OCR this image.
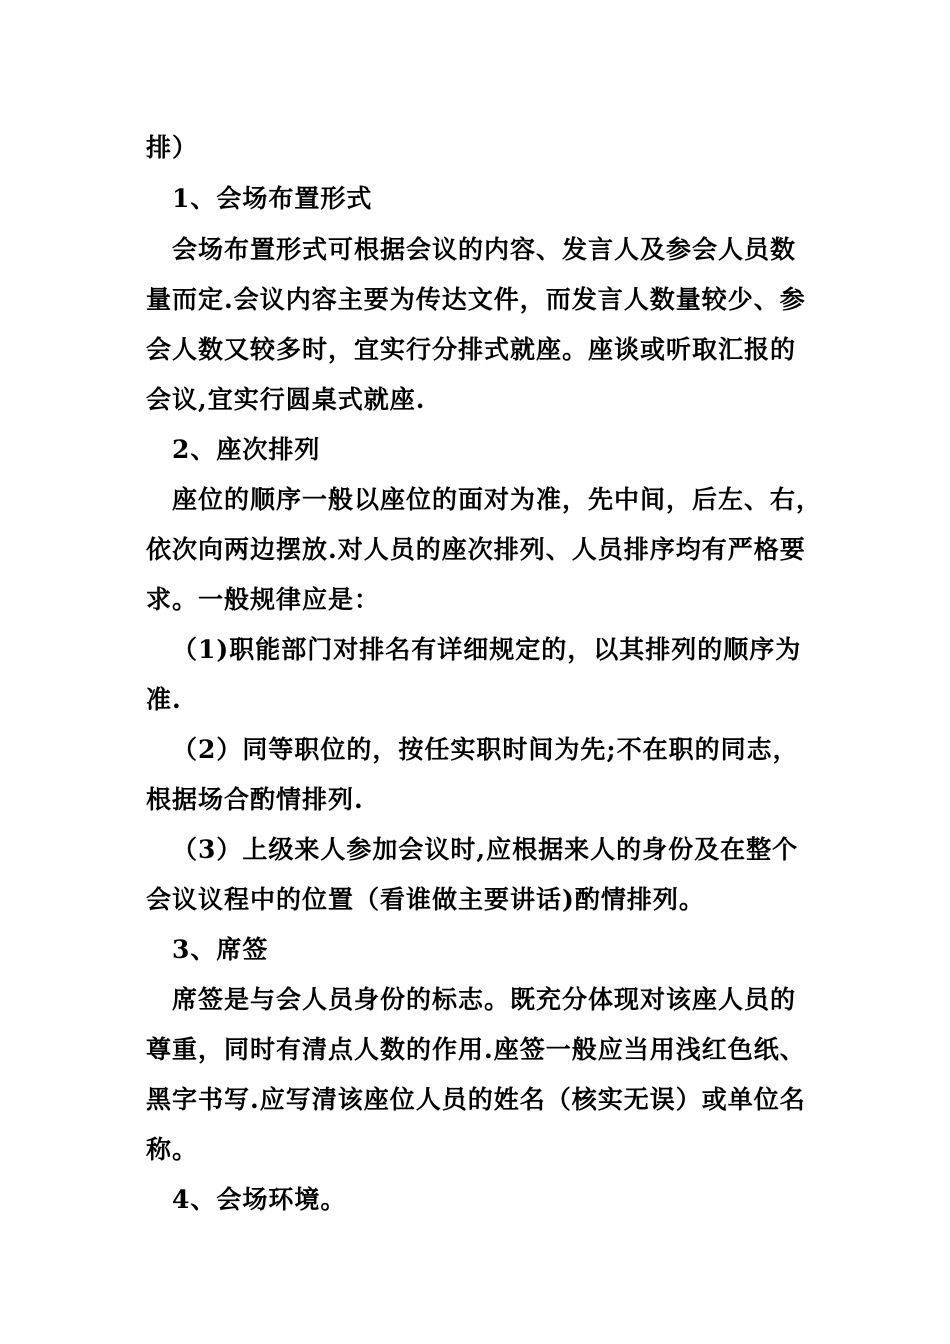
排）

1、会场布置形式

会场布置形式可根据会议的内容、发言人及参会人员数

量而定.会议内容主要为传达文件，而发言人数量较少、参

会人数又较多时，宜实行分排式就座。座谈或听取汇报的

会议,宜实行圆桌式就座.

2、座次排列

座位的顺序一般以座位的面对为准，先中间，后左、右，

依次向两边摆放.对人员的座次排列、人员排序均有严格要

求。一般规律应是：

（1)职能部门对排名有详细规定的，以其排列的顺序为

准.

（2）同等职位的，按任实职时间为先;不在职的同志，

根据场合酌情排列.

（3）上级来人参加会议时,应根据来人的身份及在整个

会议议程中的位置（看谁做主要讲话)酌情排列。

3、席签

席签是与会人员身份的标志。既充分体现对该座人员的

尊重，同时有清点人数的作用.座签一般应当用浅红色纸、

黑字书写.应写清该座位人员的姓名（核实无误）或单位名

称。

4、会场环境。
